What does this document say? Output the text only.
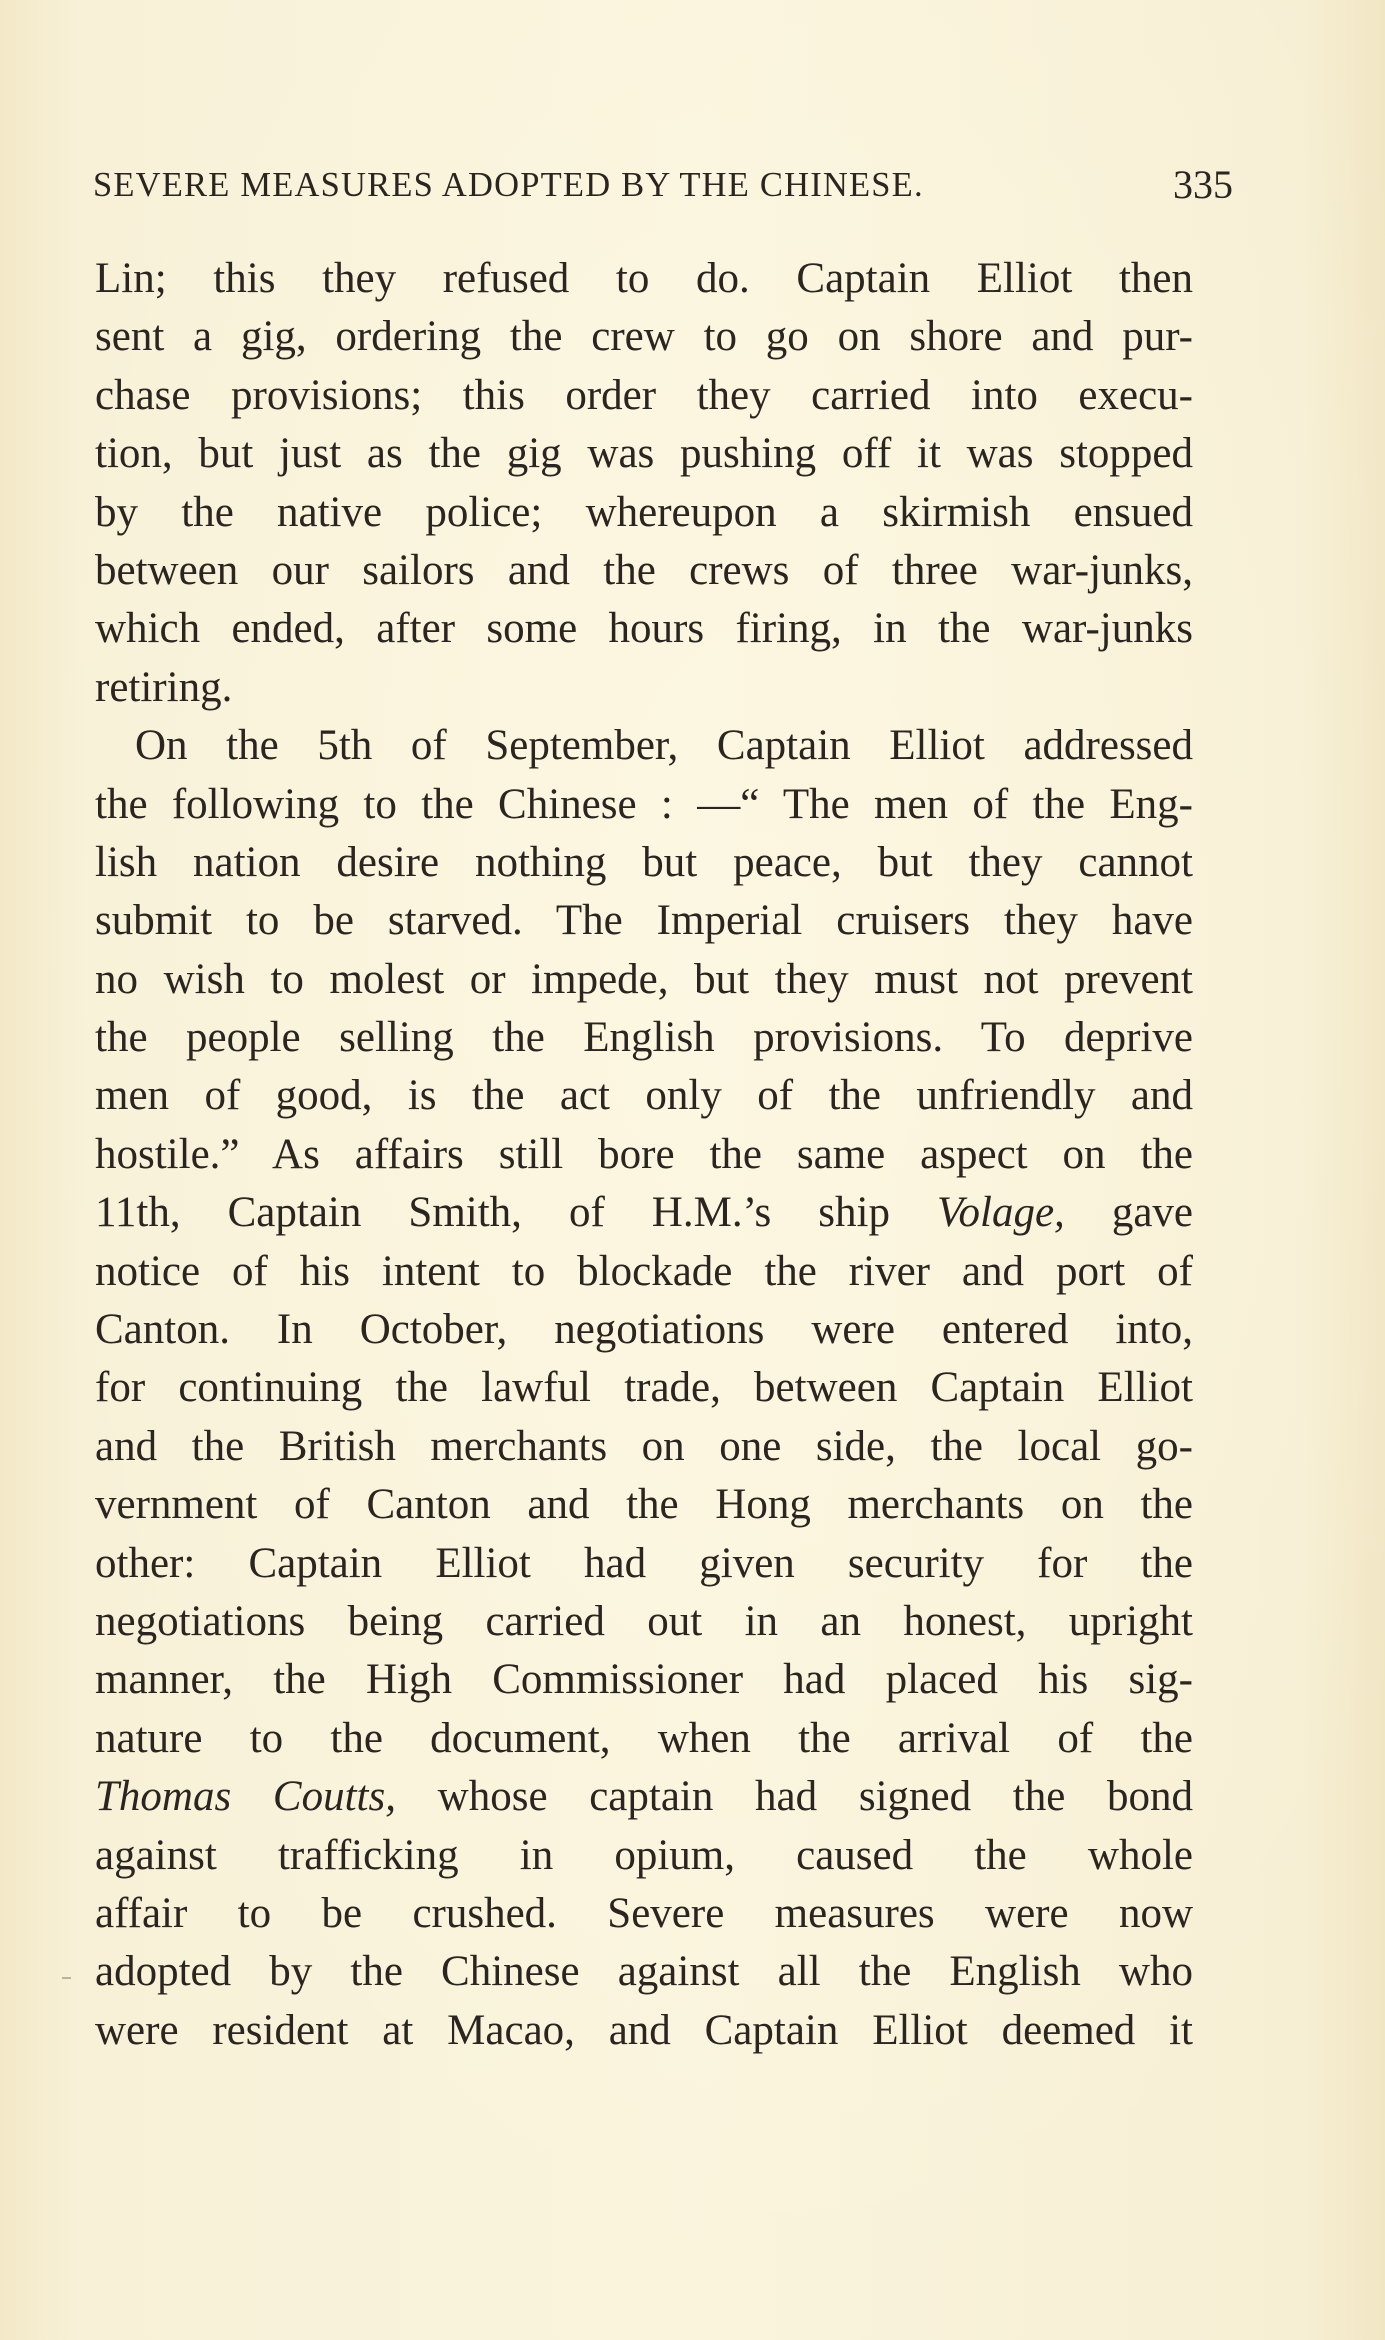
SEVERE MEASURES ADOPTED BY THE CHINESE.	335
Lin; this they refused to do. Captain Elliot then
sent a gig, ordering the crew to go on shore and pur-
chase provisions; this order they carried into execu-
tion, but just as the gig was pushing off it was stopped
by the native police; whereupon a skirmish ensued
between our sailors and the crews of three war-junks,
which ended, after some hours firing, in the war-junks
retiring.
On the 5th of September, Captain Elliot addressed
the following to the Chinese : —“ The men of the Eng-
lish nation desire nothing but peace, but they cannot
submit to be starved. The Imperial cruisers they have
no wish to molest or impede, but they must not prevent
the people selling the English provisions. To deprive
men of good, is the act only of the unfriendly and
hostile.” As affairs still bore the same aspect on the
11th, Captain Smith, of H.M.’s ship Volage, gave
notice of his intent to blockade the river and port of
Canton. In October, negotiations were entered into,
for continuing the lawful trade, between Captain Elliot
and the British merchants on one side, the local go-
vernment of Canton and the Hong merchants on the
other: Captain Elliot had given security for the
negotiations being carried out in an honest, upright
manner, the High Commissioner had placed his sig-
nature to the document, when the arrival of the
Thomas Coutts, whose captain had signed the bond
against trafficking in opium, caused the whole
affair to be crushed. Severe measures were now
adopted by the Chinese against all the English who
were resident at Macao, and Captain Elliot deemed it
